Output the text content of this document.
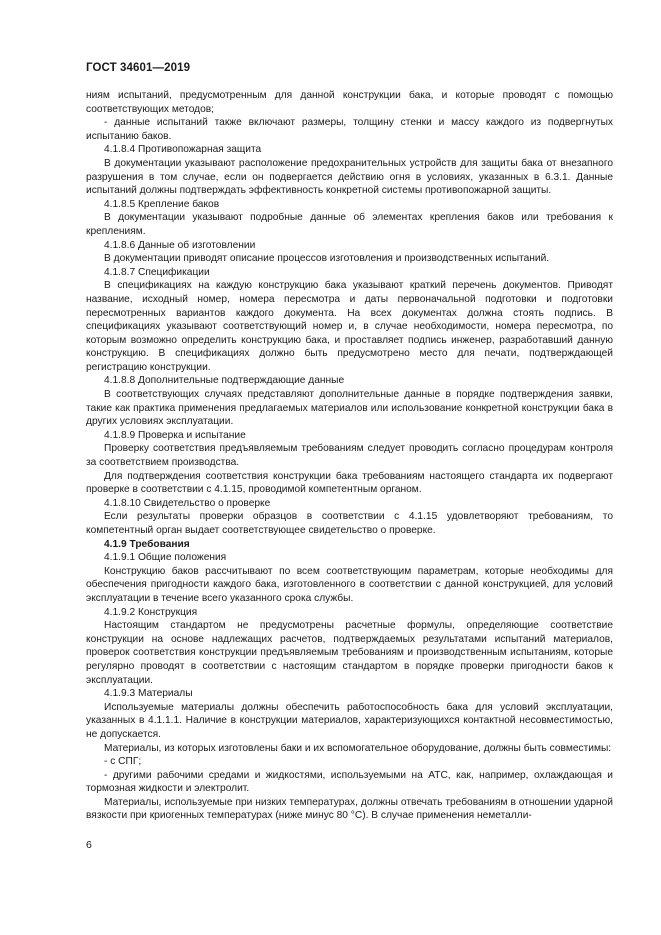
ГОСТ 34601—2019

ниям испытаний, предусмотренным для данной конструкции бака, и которые проводят с помощью соответствующих методов;

- данные испытаний также включают размеры, толщину стенки и массу каждого из подвергнутых испытанию баков.

4.1.8.4 Противопожарная защита

В документации указывают расположение предохранительных устройств для защиты бака от внезапного разрушения в том случае, если он подвергается действию огня в условиях, указанных в 6.3.1. Данные испытаний должны подтверждать эффективность конкретной системы противопожарной защиты.

4.1.8.5 Крепление баков

В документации указывают подробные данные об элементах крепления баков или требования к креплениям.

4.1.8.6 Данные об изготовлении

В документации приводят описание процессов изготовления и производственных испытаний.

4.1.8.7 Спецификации

В спецификациях на каждую конструкцию бака указывают краткий перечень документов. Приводят название, исходный номер, номера пересмотра и даты первоначальной подготовки и подготовки пересмотренных вариантов каждого документа. На всех документах должна стоять подпись. В спецификациях указывают соответствующий номер и, в случае необходимости, номера пересмотра, по которым возможно определить конструкцию бака, и проставляет подпись инженер, разработавший данную конструкцию. В спецификациях должно быть предусмотрено место для печати, подтверждающей регистрацию конструкции.

4.1.8.8 Дополнительные подтверждающие данные

В соответствующих случаях представляют дополнительные данные в порядке подтверждения заявки, такие как практика применения предлагаемых материалов или использование конкретной конструкции бака в других условиях эксплуатации.

4.1.8.9 Проверка и испытание

Проверку соответствия предъявляемым требованиям следует проводить согласно процедурам контроля за соответствием производства.

Для подтверждения соответствия конструкции бака требованиям настоящего стандарта их подвергают проверке в соответствии с 4.1.15, проводимой компетентным органом.

4.1.8.10 Свидетельство о проверке

Если результаты проверки образцов в соответствии с 4.1.15 удовлетворяют требованиям, то компетентный орган выдает соответствующее свидетельство о проверке.

4.1.9 Требования

4.1.9.1 Общие положения

Конструкцию баков рассчитывают по всем соответствующим параметрам, которые необходимы для обеспечения пригодности каждого бака, изготовленного в соответствии с данной конструкцией, для условий эксплуатации в течение всего указанного срока службы.

4.1.9.2 Конструкция

Настоящим стандартом не предусмотрены расчетные формулы, определяющие соответствие конструкции на основе надлежащих расчетов, подтверждаемых результатами испытаний материалов, проверок соответствия конструкции предъявляемым требованиям и производственным испытаниям, которые регулярно проводят в соответствии с настоящим стандартом в порядке проверки пригодности баков к эксплуатации.

4.1.9.3 Материалы

Используемые материалы должны обеспечить работоспособность бака для условий эксплуатации, указанных в 4.1.1.1. Наличие в конструкции материалов, характеризующихся контактной несовместимостью, не допускается.

Материалы, из которых изготовлены баки и их вспомогательное оборудование, должны быть совместимы:

- с СПГ;

- другими рабочими средами и жидкостями, используемыми на АТС, как, например, охлаждающая и тормозная жидкости и электролит.

Материалы, используемые при низких температурах, должны отвечать требованиям в отношении ударной вязкости при криогенных температурах (ниже минус 80 °С). В случае применения неметалли-

6
